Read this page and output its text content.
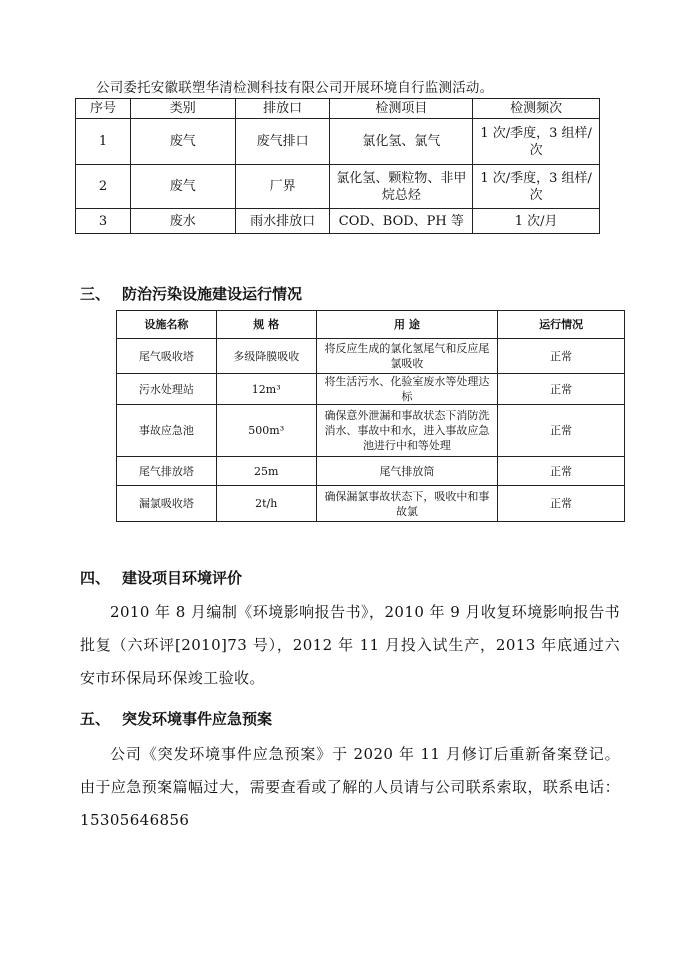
公司委托安徽联塑华清检测科技有限公司开展环境自行监测活动。
序号	类别	排放口	检测项目	检测频次
1	废气	废气排口	氯化氢、氯气	1 次/季度，3 组样/次
2	废气	厂界	氯化氢、颗粒物、非甲烷总烃	1 次/季度，3 组样/次
3	废水	雨水排放口	COD、BOD、PH 等	1 次/月
三、 防治污染设施建设运行情况
设施名称	规 格	用 途	运行情况
尾气吸收塔	多级降膜吸收	将反应生成的氯化氢尾气和反应尾氯吸收	正常
污水处理站	12m³	将生活污水、化验室废水等处理达标	正常
事故应急池	500m³	确保意外泄漏和事故状态下消防洗消水、事故中和水，进入事故应急池进行中和等处理	正常
尾气排放塔	25m	尾气排放筒	正常
漏氯吸收塔	2t/h	确保漏氯事故状态下，吸收中和事故氯	正常
四、 建设项目环境评价
2010 年 8 月编制《环境影响报告书》，2010 年 9 月收复环境影响报告书批复（六环评[2010]73 号），2012 年 11 月投入试生产，2013 年底通过六安市环保局环保竣工验收。
五、 突发环境事件应急预案
公司《突发环境事件应急预案》于 2020 年 11 月修订后重新备案登记。由于应急预案篇幅过大，需要查看或了解的人员请与公司联系索取，联系电话：15305646856
